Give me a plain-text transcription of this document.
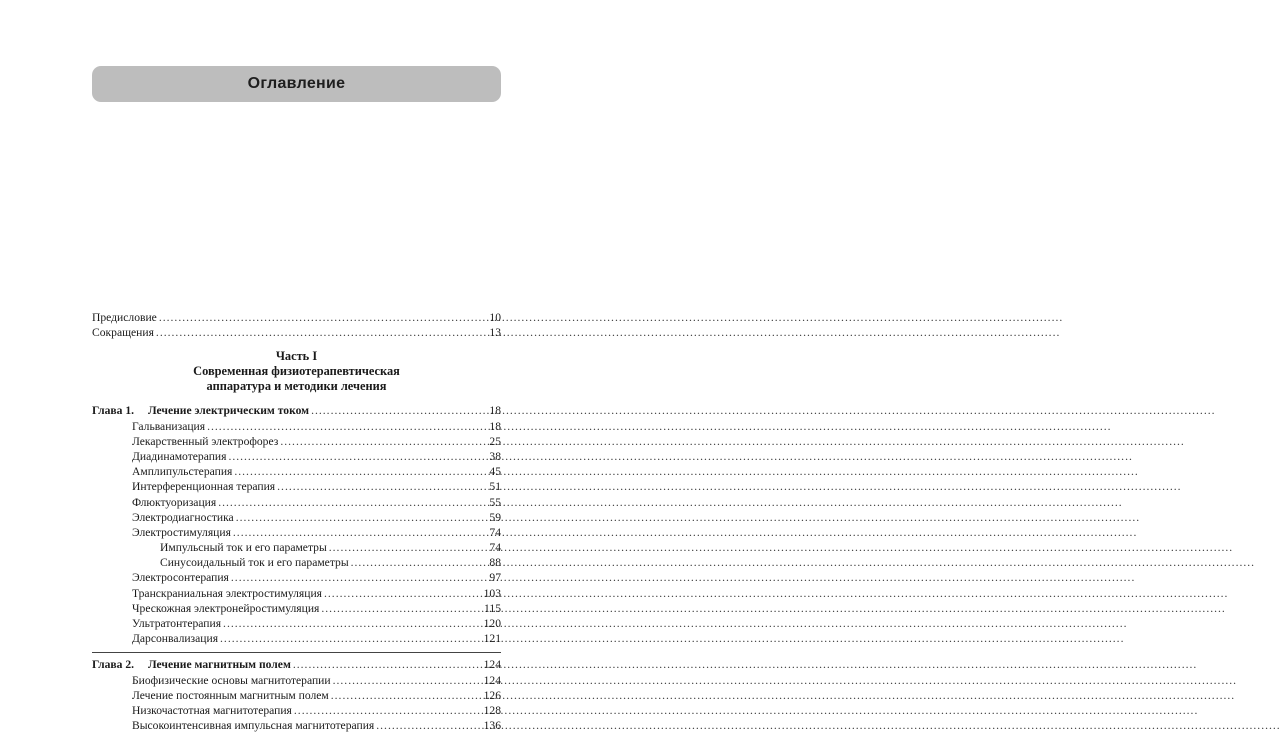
Оглавление
Предисловие .....	10
Сокращения .....	13
Часть I
Современная физиотерапевтическая
аппаратура и методики лечения
Глава 1.	Лечение электрическим током .....	18
Гальванизация .....	18
Лекарственный электрофорез .....	25
Диадинамотерапия .....	38
Амплипульстерапия .....	45
Интерференционная терапия .....	51
Флюктуоризация .....	55
Электродиагностика .....	59
Электростимуляция .....	74
Импульсный ток и его параметры .....	74
Синусоидальный ток и его параметры .....	88
Электросонтерапия .....	97
Транскраниальная электростимуляция .....	103
Чрескожная электронейростимуляция .....	115
Ультратонтерапия .....	120
Дарсонвализация .....	121
Глава 2.	Лечение магнитным полем .....	124
Биофизические основы магнитотерапии .....	124
Лечение постоянным магнитным полем .....	126
Низкочастотная магнитотерапия .....	128
Высокоинтенсивная импульсная магнитотерапия .....	136
